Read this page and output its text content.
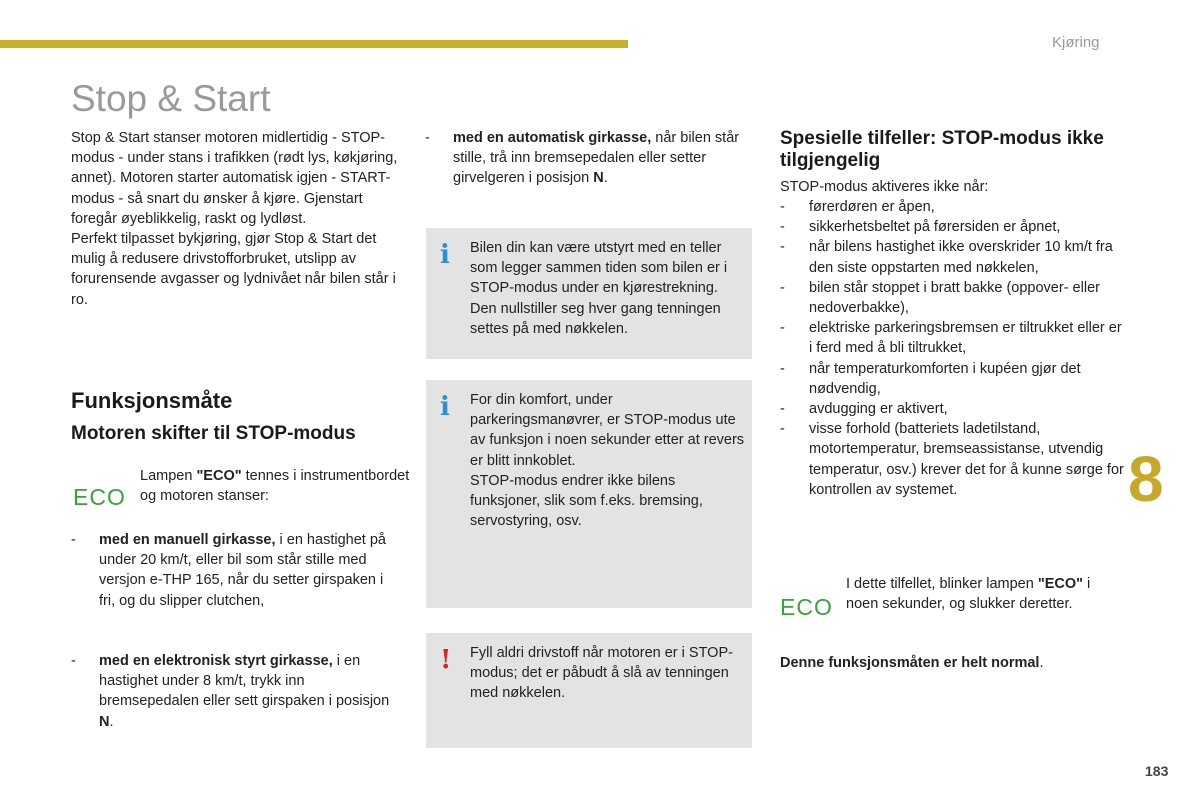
Kjøring
Stop & Start

Stop & Start stanser motoren midlertidig - STOP-modus - under stans i trafikken (rødt lys, køkjøring, annet). Motoren starter automatisk igjen - START-modus - så snart du ønsker å kjøre. Gjenstart foregår øyeblikkelig, raskt og lydløst.

Perfekt tilpasset bykjøring, gjør Stop & Start det mulig å redusere drivstofforbruket, utslipp av forurensende avgasser og lydnivået når bilen står i ro.

Funksjonsmåte
Motoren skifter til STOP-modus
ECO

Lampen "ECO" tennes i instrumentbordet og motoren stanser:

-	med en manuell girkasse, i en hastighet på under 20 km/t, eller bil som står stille med versjon e-THP 165, når du setter girspaken i fri, og du slipper clutchen,
-	med en elektronisk styrt girkasse, i en hastighet under 8 km/t, trykk inn bremsepedalen eller sett girspaken i posisjon N.
-	med en automatisk girkasse, når bilen står stille, trå inn bremsepedalen eller setter girvelgeren i posisjon N.
i Bilen din kan være utstyrt med en teller som legger sammen tiden som bilen er i STOP-modus under en kjørestrekning. Den nullstiller seg hver gang tenningen settes på med nøkkelen.

i For din komfort, under parkeringsmanøvrer, er STOP-modus ute av funksjon i noen sekunder etter at revers er blitt innkoblet.

STOP-modus endrer ikke bilens funksjoner, slik som f.eks. bremsing, servostyring, osv.

! Fyll aldri drivstoff når motoren er i STOP-modus; det er påbudt å slå av tenningen med nøkkelen.

Spesielle tilfeller: STOP-modus ikke tilgjengelig

STOP-modus aktiveres ikke når:

-	førerdøren er åpen,
-	sikkerhetsbeltet på førersiden er åpnet,
-	når bilens hastighet ikke overskrider 10 km/t fra den siste oppstarten med nøkkelen,
-	bilen står stoppet i bratt bakke (oppover- eller nedoverbakke),
-	elektriske parkeringsbremsen er tiltrukket eller er i ferd med å bli tiltrukket,
-	når temperaturkomforten i kupéen gjør det nødvendig,
-	avdugging er aktivert,
-	visse forhold (batteriets ladetilstand, motortemperatur, bremseassistanse, utvendig temperatur, osv.) krever det for å kunne sørge for kontrollen av systemet.
ECO

I dette tilfellet, blinker lampen "ECO" i noen sekunder, og slukker deretter.

Denne funksjonsmåten er helt normal.

8
183
